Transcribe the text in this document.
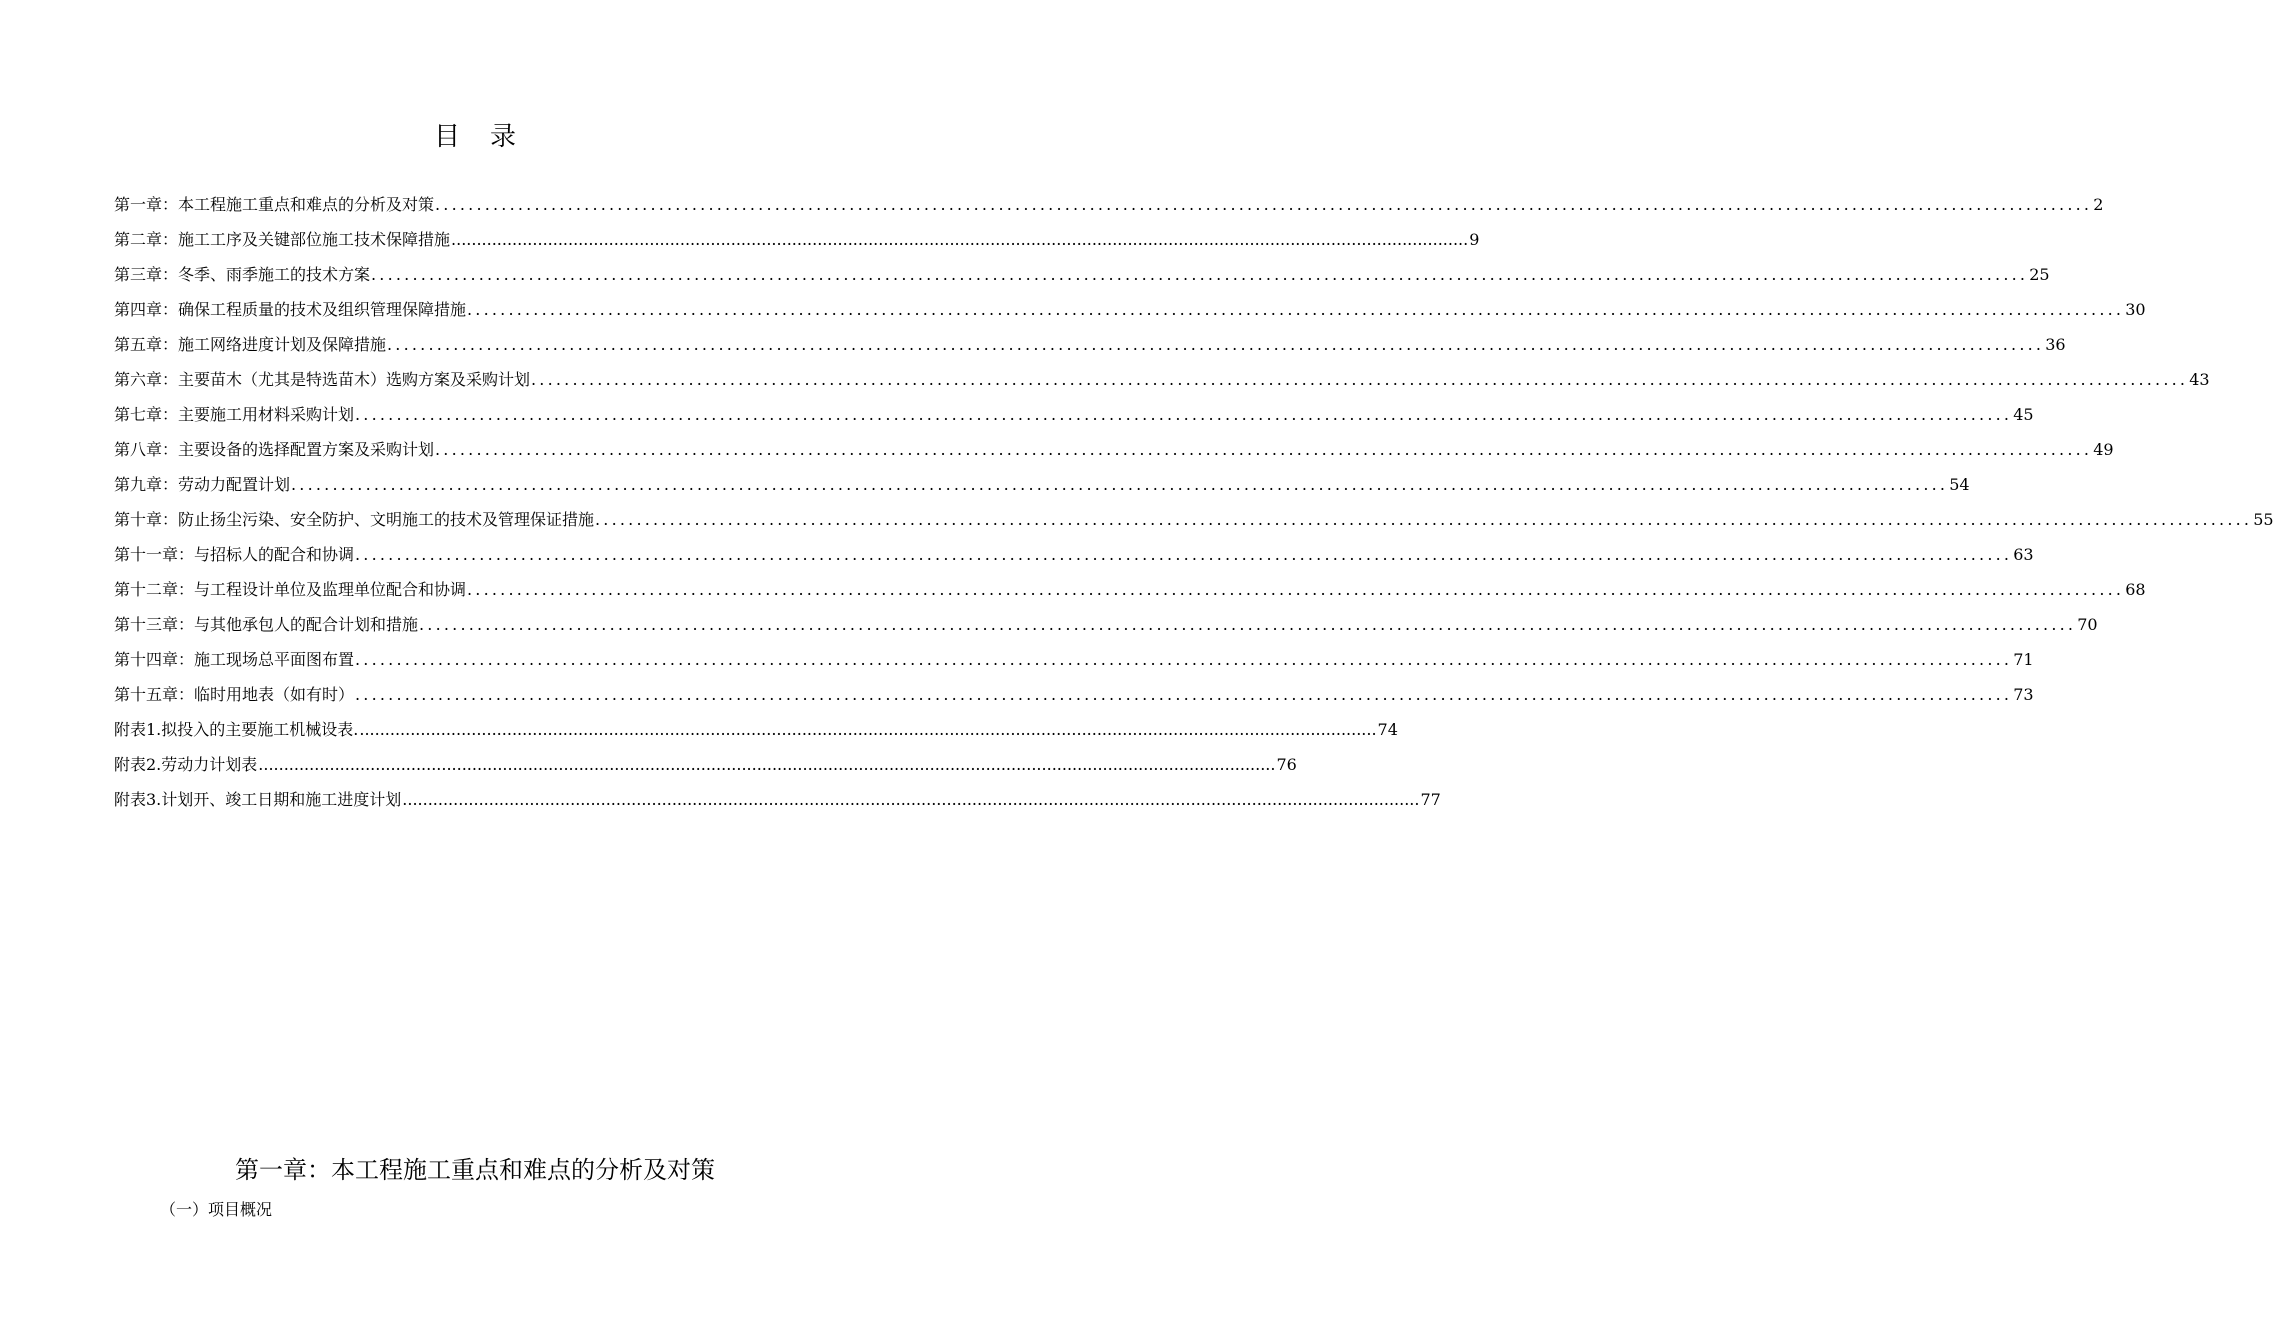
目 录
第一章：本工程施工重点和难点的分析及对策 ........................................................................................................................................................................................................ 2
第二章：施工工序及关键部位施工技术保障措施 ........................................................................................................................................................................................................ 9
第三章：冬季、雨季施工的技术方案 ........................................................................................................................................................................................................ 25
第四章：确保工程质量的技术及组织管理保障措施 ........................................................................................................................................................................................................ 30
第五章：施工网络进度计划及保障措施 ........................................................................................................................................................................................................ 36
第六章：主要苗木（尤其是特选苗木）选购方案及采购计划 ........................................................................................................................................................................................................ 43
第七章：主要施工用材料采购计划 ........................................................................................................................................................................................................ 45
第八章：主要设备的选择配置方案及采购计划 ........................................................................................................................................................................................................ 49
第九章：劳动力配置计划 ........................................................................................................................................................................................................ 54
第十章：防止扬尘污染、安全防护、文明施工的技术及管理保证措施 ........................................................................................................................................................................................................ 55
第十一章：与招标人的配合和协调 ........................................................................................................................................................................................................ 63
第十二章：与工程设计单位及监理单位配合和协调 ........................................................................................................................................................................................................ 68
第十三章：与其他承包人的配合计划和措施 ........................................................................................................................................................................................................ 70
第十四章：施工现场总平面图布置 ........................................................................................................................................................................................................ 71
第十五章：临时用地表（如有时） ........................................................................................................................................................................................................ 73
附表1.拟投入的主要施工机械设表. ........................................................................................................................................................................................................ 74
附表2.劳动力计划表 ........................................................................................................................................................................................................ 76
附表3.计划开、竣工日期和施工进度计划 ........................................................................................................................................................................................................ 77
第一章：本工程施工重点和难点的分析及对策

（一）项目概况
